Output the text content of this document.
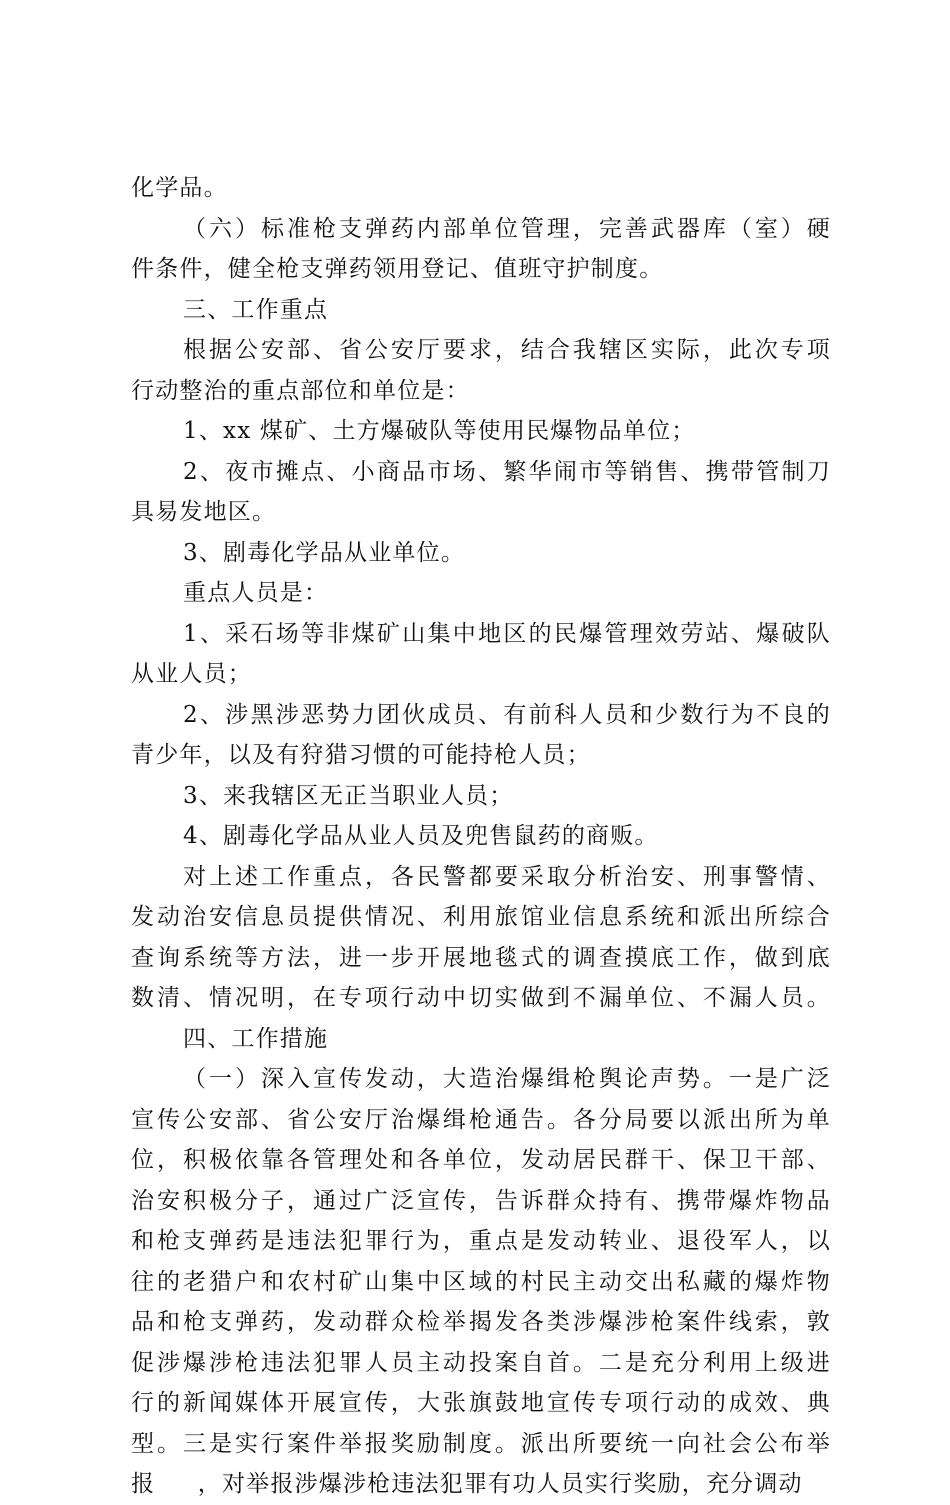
化学品。
（六）标准枪支弹药内部单位管理，完善武器库（室）硬
件条件，健全枪支弹药领用登记、值班守护制度。
三、工作重点
根据公安部、省公安厅要求，结合我辖区实际，此次专项
行动整治的重点部位和单位是：
1、xx 煤矿、土方爆破队等使用民爆物品单位；
2、夜市摊点、小商品市场、繁华闹市等销售、携带管制刀
具易发地区。
3、剧毒化学品从业单位。
重点人员是：
1、采石场等非煤矿山集中地区的民爆管理效劳站、爆破队
从业人员；
2、涉黑涉恶势力团伙成员、有前科人员和少数行为不良的
青少年，以及有狩猎习惯的可能持枪人员；
3、来我辖区无正当职业人员；
4、剧毒化学品从业人员及兜售鼠药的商贩。
对上述工作重点，各民警都要采取分析治安、刑事警情、
发动治安信息员提供情况、利用旅馆业信息系统和派出所综合
查询系统等方法，进一步开展地毯式的调查摸底工作，做到底
数清、情况明，在专项行动中切实做到不漏单位、不漏人员。
四、工作措施
（一）深入宣传发动，大造治爆缉枪舆论声势。一是广泛
宣传公安部、省公安厅治爆缉枪通告。各分局要以派出所为单
位，积极依靠各管理处和各单位，发动居民群干、保卫干部、
治安积极分子，通过广泛宣传，告诉群众持有、携带爆炸物品
和枪支弹药是违法犯罪行为，重点是发动转业、退役军人，以
往的老猎户和农村矿山集中区域的村民主动交出私藏的爆炸物
品和枪支弹药，发动群众检举揭发各类涉爆涉枪案件线索，敦
促涉爆涉枪违法犯罪人员主动投案自首。二是充分利用上级进
行的新闻媒体开展宣传，大张旗鼓地宣传专项行动的成效、典
型。三是实行案件举报奖励制度。派出所要统一向社会公布举
报     ，对举报涉爆涉枪违法犯罪有功人员实行奖励，充分调动
